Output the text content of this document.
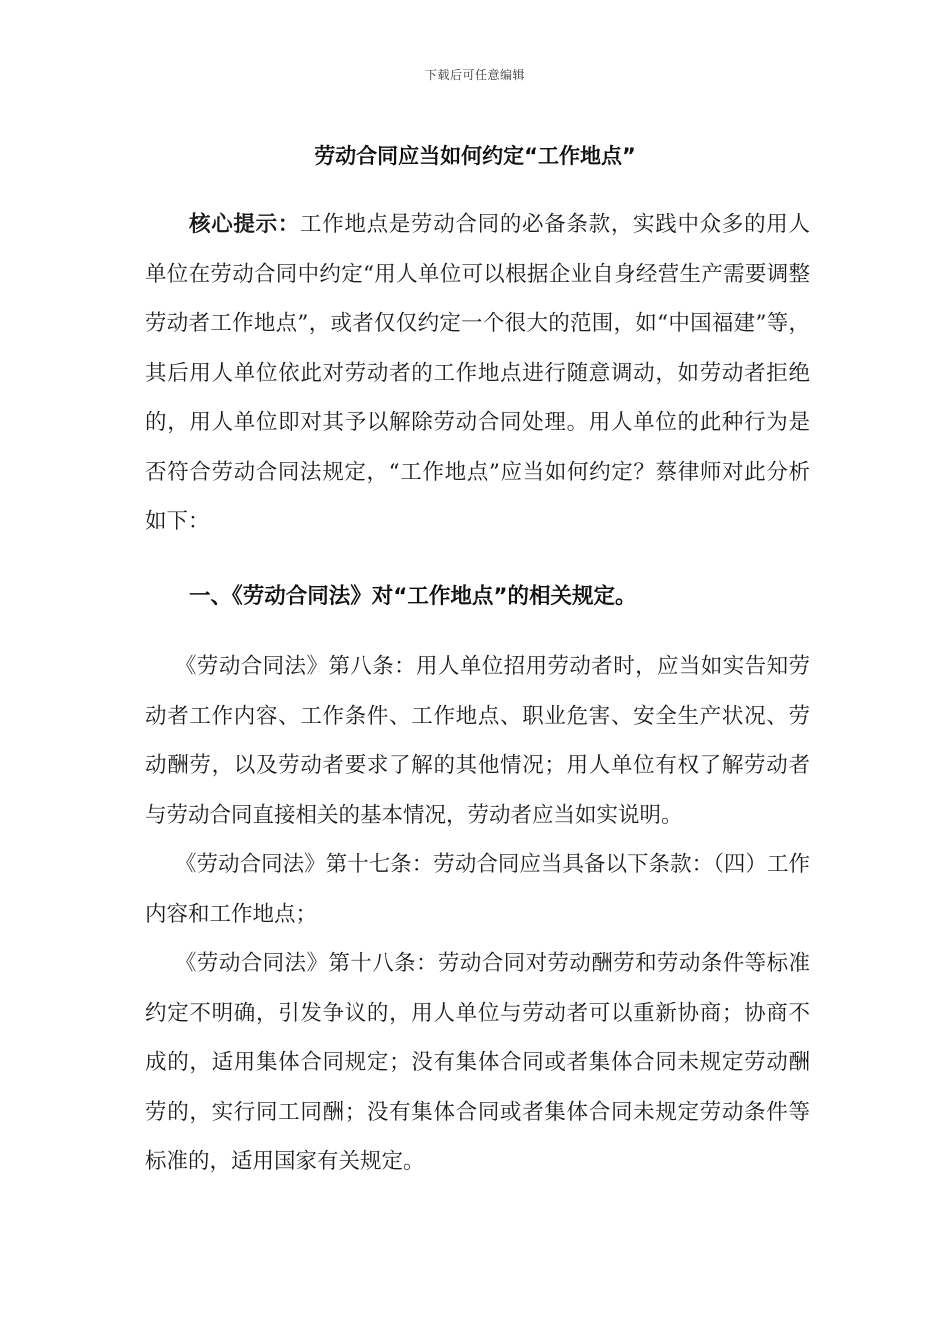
下载后可任意编辑
劳动合同应当如何约定“工作地点”
核心提示：工作地点是劳动合同的必备条款，实践中众多的用人单位在劳动合同中约定“用人单位可以根据企业自身经营生产需要调整劳动者工作地点”，或者仅仅约定一个很大的范围，如“中国福建”等，其后用人单位依此对劳动者的工作地点进行随意调动，如劳动者拒绝的，用人单位即对其予以解除劳动合同处理。用人单位的此种行为是否符合劳动合同法规定，“工作地点”应当如何约定？蔡律师对此分析如下：
一、《劳动合同法》对“工作地点”的相关规定。
《劳动合同法》第八条：用人单位招用劳动者时，应当如实告知劳动者工作内容、工作条件、工作地点、职业危害、安全生产状况、劳动酬劳，以及劳动者要求了解的其他情况；用人单位有权了解劳动者与劳动合同直接相关的基本情况，劳动者应当如实说明。
《劳动合同法》第十七条：劳动合同应当具备以下条款：（四）工作内容和工作地点；
《劳动合同法》第十八条：劳动合同对劳动酬劳和劳动条件等标准约定不明确，引发争议的，用人单位与劳动者可以重新协商；协商不成的，适用集体合同规定；没有集体合同或者集体合同未规定劳动酬劳的，实行同工同酬；没有集体合同或者集体合同未规定劳动条件等标准的，适用国家有关规定。
